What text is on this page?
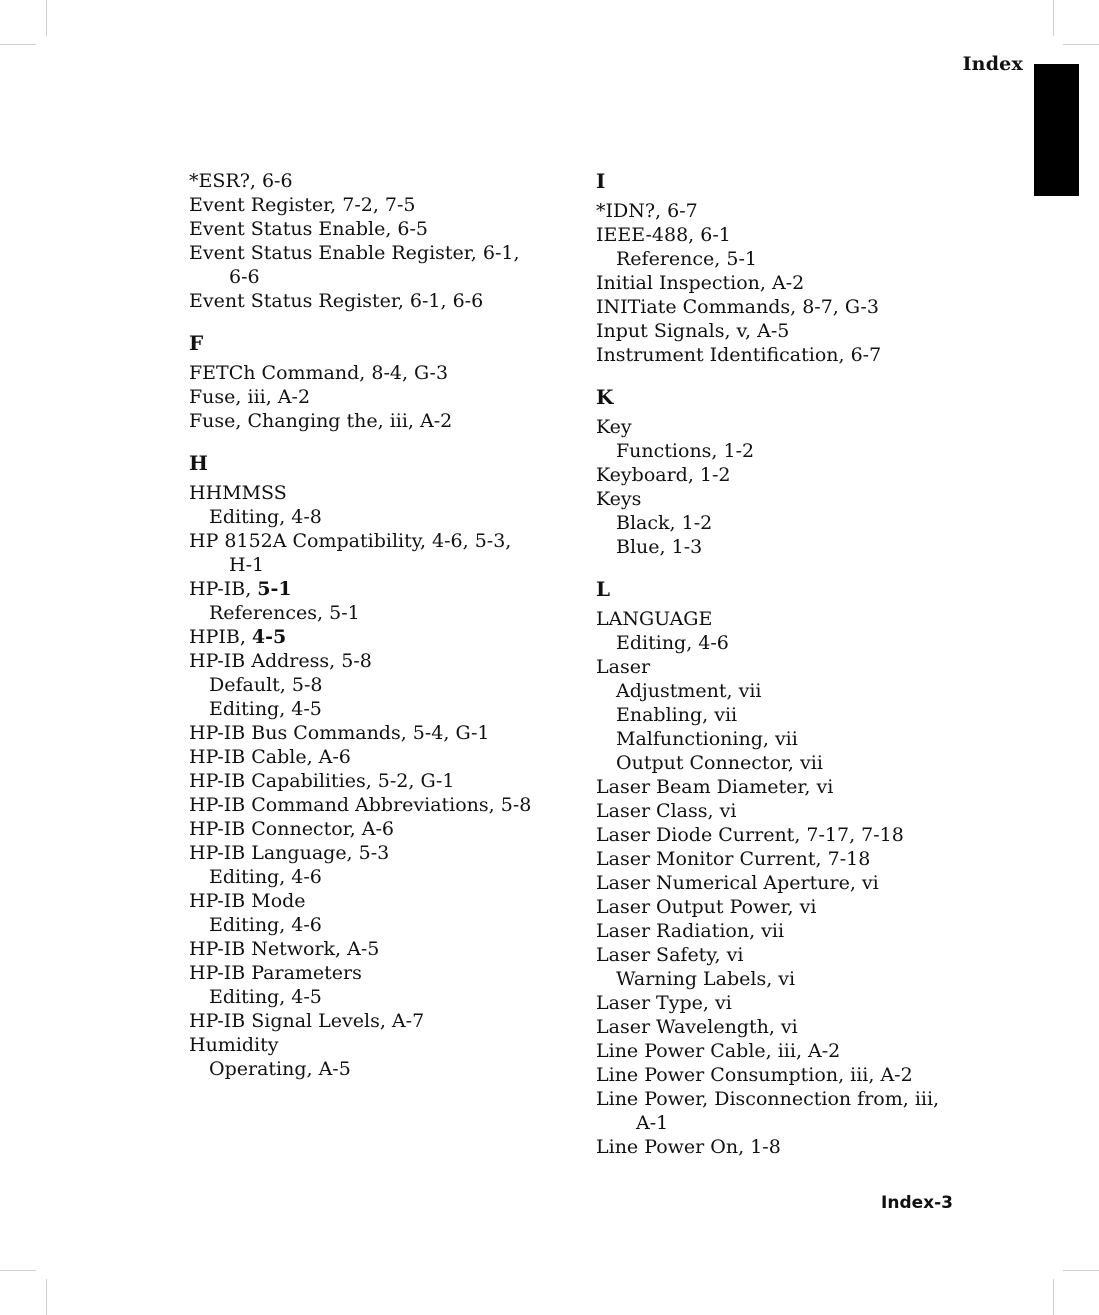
Index
*ESR?, 6-6
Event Register, 7-2, 7-5
Event Status Enable, 6-5
Event Status Enable Register, 6-1,
6-6
Event Status Register, 6-1, 6-6
F
FETCh Command, 8-4, G-3
Fuse, iii, A-2
Fuse, Changing the, iii, A-2
H
HHMMSS
Editing, 4-8
HP 8152A Compatibility, 4-6, 5-3,
H-1
HP-IB, 5-1
References, 5-1
HPIB, 4-5
HP-IB Address, 5-8
Default, 5-8
Editing, 4-5
HP-IB Bus Commands, 5-4, G-1
HP-IB Cable, A-6
HP-IB Capabilities, 5-2, G-1
HP-IB Command Abbreviations, 5-8
HP-IB Connector, A-6
HP-IB Language, 5-3
Editing, 4-6
HP-IB Mode
Editing, 4-6
HP-IB Network, A-5
HP-IB Parameters
Editing, 4-5
HP-IB Signal Levels, A-7
Humidity
Operating, A-5
I
*IDN?, 6-7
IEEE-488, 6-1
Reference, 5-1
Initial Inspection, A-2
INITiate Commands, 8-7, G-3
Input Signals, v, A-5
Instrument Identification, 6-7
K
Key
Functions, 1-2
Keyboard, 1-2
Keys
Black, 1-2
Blue, 1-3
L
LANGUAGE
Editing, 4-6
Laser
Adjustment, vii
Enabling, vii
Malfunctioning, vii
Output Connector, vii
Laser Beam Diameter, vi
Laser Class, vi
Laser Diode Current, 7-17, 7-18
Laser Monitor Current, 7-18
Laser Numerical Aperture, vi
Laser Output Power, vi
Laser Radiation, vii
Laser Safety, vi
Warning Labels, vi
Laser Type, vi
Laser Wavelength, vi
Line Power Cable, iii, A-2
Line Power Consumption, iii, A-2
Line Power, Disconnection from, iii,
A-1
Line Power On, 1-8
Index-3
